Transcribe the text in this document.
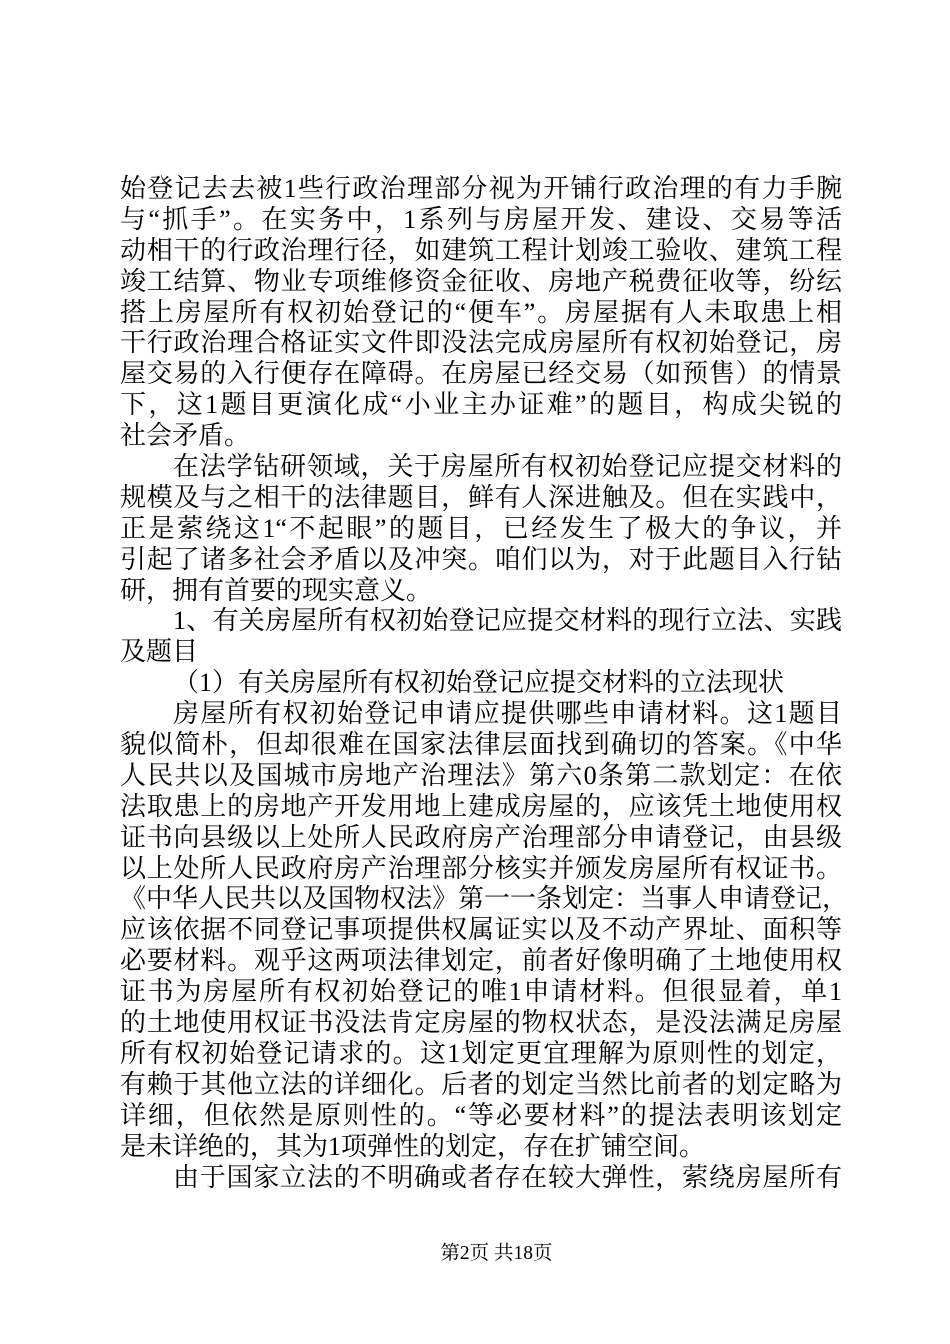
始登记去去被1些行政治理部分视为开铺行政治理的有力手腕
与“抓手”。在实务中，1系列与房屋开发、建设、交易等活
动相干的行政治理行径，如建筑工程计划竣工验收、建筑工程
竣工结算、物业专项维修资金征收、房地产税费征收等，纷纭
搭上房屋所有权初始登记的“便车”。房屋据有人未取患上相
干行政治理合格证实文件即没法完成房屋所有权初始登记，房
屋交易的入行便存在障碍。在房屋已经交易（如预售）的情景
下，这1题目更演化成“小业主办证难”的题目，构成尖锐的
社会矛盾。
在法学钻研领域，关于房屋所有权初始登记应提交材料的
规模及与之相干的法律题目，鲜有人深进触及。但在实践中，
正是萦绕这1“不起眼”的题目，已经发生了极大的争议，并
引起了诸多社会矛盾以及冲突。咱们以为，对于此题目入行钻
研，拥有首要的现实意义。
1、有关房屋所有权初始登记应提交材料的现行立法、实践
及题目
（1）有关房屋所有权初始登记应提交材料的立法现状
房屋所有权初始登记申请应提供哪些申请材料。这1题目
貌似简朴，但却很难在国家法律层面找到确切的答案。《中华
人民共以及国城市房地产治理法》第六0条第二款划定：在依
法取患上的房地产开发用地上建成房屋的，应该凭土地使用权
证书向县级以上处所人民政府房产治理部分申请登记，由县级
以上处所人民政府房产治理部分核实并颁发房屋所有权证书。
《中华人民共以及国物权法》第一一条划定：当事人申请登记，
应该依据不同登记事项提供权属证实以及不动产界址、面积等
必要材料。观乎这两项法律划定，前者好像明确了土地使用权
证书为房屋所有权初始登记的唯1申请材料。但很显着，单1
的土地使用权证书没法肯定房屋的物权状态，是没法满足房屋
所有权初始登记请求的。这1划定更宜理解为原则性的划定，
有赖于其他立法的详细化。后者的划定当然比前者的划定略为
详细，但依然是原则性的。“等必要材料”的提法表明该划定
是未详绝的，其为1项弹性的划定，存在扩铺空间。
由于国家立法的不明确或者存在较大弹性，萦绕房屋所有
第2页 共18页
